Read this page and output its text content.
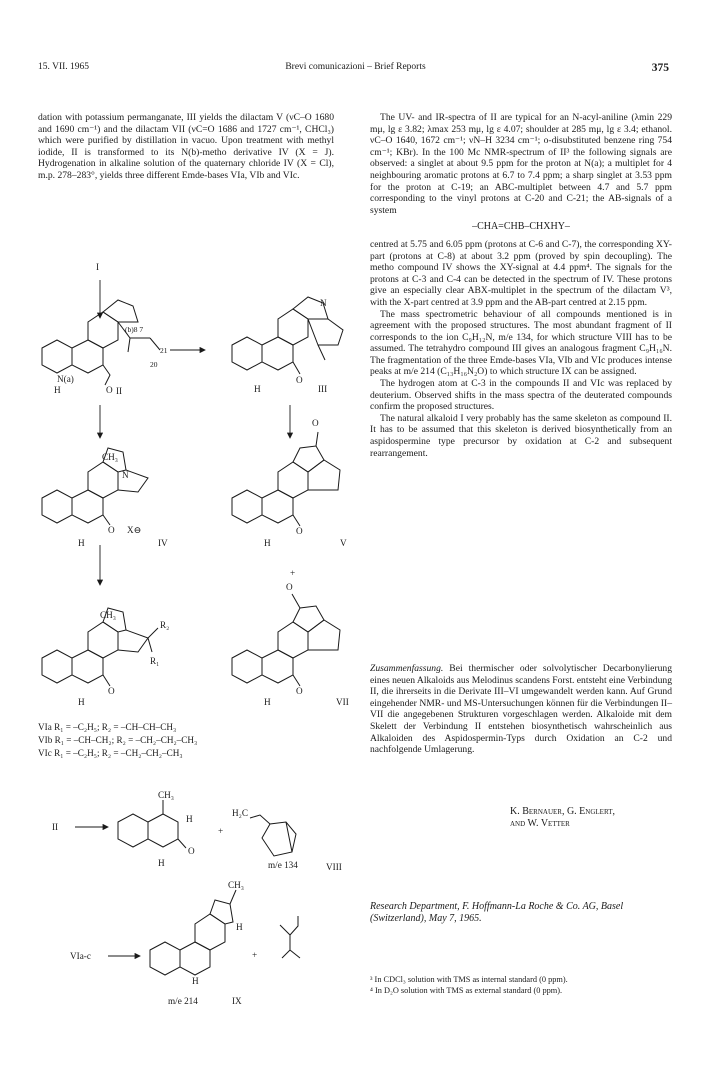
15. VII. 1965	Brevi comunicazioni – Brief Reports	375

dation with potassium permanganate, III yields the dilactam V (νC–O 1680 and 1690 cm⁻¹) and the dilactam VII (νC=O 1686 and 1727 cm⁻¹, CHCl₃) which were purified by distillation in vacuo. Upon treatment with methyl iodide, II is transformed to its N(b)-metho derivative IV (X = J). Hydrogenation in alkaline solution of the quaternary chloride IV (X = Cl), m.p. 278–283°, yields three different Emde-bases VIa, VIb and VIc.

The UV- and IR-spectra of II are typical for an N-acyl-aniline (λmin 229 mμ, lg ε 3.82; λmax 253 mμ, lg ε 4.07; shoulder at 285 mμ, lg ε 3.4; ethanol. νC–O 1640, 1672 cm⁻¹; νN–H 3234 cm⁻¹; o-disubstituted benzene ring 754 cm⁻¹; KBr). In the 100 Mc NMR-spectrum of II³ the following signals are observed: a singlet at about 9.5 ppm for the proton at N(a); a multiplet for 4 neighbouring aromatic protons at 6.7 to 7.4 ppm; a sharp singlet at 3.53 ppm for the proton at C-19; an ABC-multiplet between 4.7 and 5.7 ppm corresponding to the vinyl protons at C-20 and C-21; the AB-signals of a system

–CHA=CHB–CHXHY–

centred at 5.75 and 6.05 ppm (protons at C-6 and C-7), the corresponding XY-part (protons at C-8) at about 3.2 ppm (proved by spin decoupling). The metho compound IV shows the XY-signal at 4.4 ppm⁴. The signals for the protons at C-3 and C-4 can be detected in the spectrum of IV. These protons give an especially clear ABX-multiplet in the spectrum of the dilactam V³, with the X-part centred at 3.9 ppm and the AB-part centred at 2.15 ppm.

The mass spectrometric behaviour of all compounds mentioned is in agreement with the proposed structures. The most abundant fragment of II corresponds to the ion C₉H₁₂N, m/e 134, for which structure VIII has to be assumed. The tetrahydro compound III gives an analogous fragment C₉H₁₆N. The fragmentation of the three Emde-bases VIa, VIb and VIc produces intense peaks at m/e 214 (C₁₃H₁₆N₂O) to which structure IX can be assigned.

The hydrogen atom at C-3 in the compounds II and VIc was replaced by deuterium. Observed shifts in the mass spectra of the deuterated compounds confirm the proposed structures.

The natural alkaloid I very probably has the same skeleton as compound II. It has to be assumed that this skeleton is derived biosynthetically from an aspidospermine type precursor by oxidation at C-2 and subsequent rearrangement.

Zusammenfassung. Bei thermischer oder solvolytischer Decarbonylierung eines neuen Alkaloids aus Melodinus scandens Forst. entsteht eine Verbindung II, die ihrerseits in die Derivate III–VI umgewandelt werden kann. Auf Grund eingehender NMR- und MS-Untersuchungen können für die Verbindungen II–VII die angegebenen Strukturen vorgeschlagen werden. Alkaloide mit dem Skelett der Verbindung II entstehen biosynthetisch wahrscheinlich aus Alkaloiden des Aspidospermin-Typs durch Oxidation an C-2 und nachfolgende Umlagerung.
K. Bernauer, G. Englert,
and W. Vetter
Research Department, F. Hoffmann-La Roche & Co. AG, Basel (Switzerland), May 7, 1965.
³ In CDCl₃ solution with TMS as internal standard (0 ppm).
⁴ In D₂O solution with TMS as external standard (0 ppm).
I
II
H
N(a)
(b)8 7
21
20
O	III
H
O
N
CH₃
N
O X⊖
H	IV
O
O
H	V
+
CH₃
R₁
R₂
O
H
O
O
H	VII
VIa R₁ = –C₂H₅; R₂ = –CH–CH–CH₃
VIb R₁ = –CH–CH₂; R₂ = –CH₂–CH₂–CH₃
VIc R₁ = –C₂H₅; R₂ = –CH₂–CH₂–CH₃
II
CH₃
H
O
H
+
H₂C
m/e 134	VIII
CH₃
VIa-c
H
H
+
m/e 214	IX
